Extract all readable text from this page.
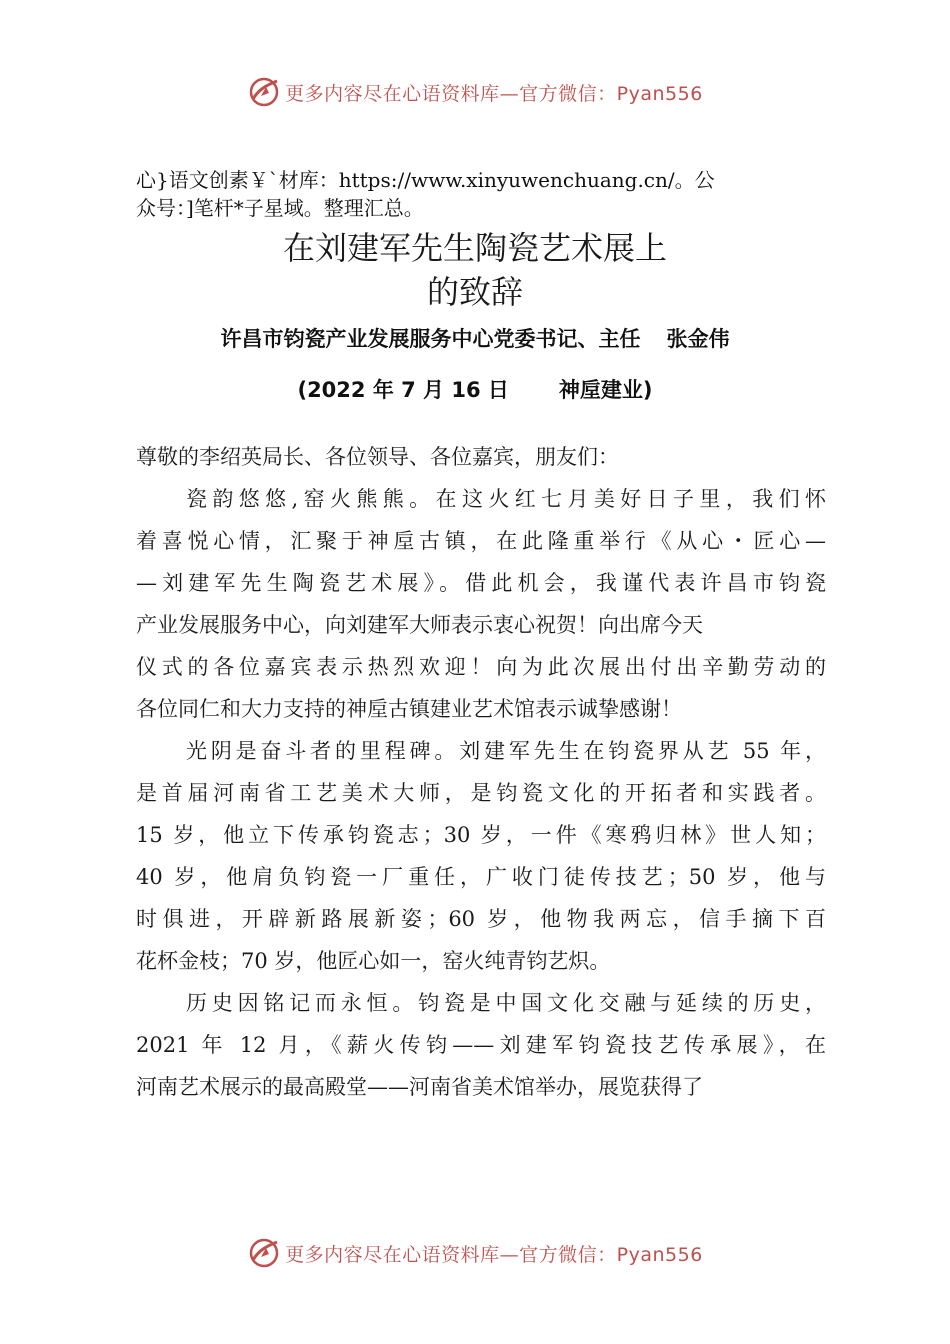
更多内容尽在心语资料库—官方微信：Pyan556
心}语文创素￥`材库：https://www.xinyuwenchuang.cn/。公
众号：]笔杆*子星域。整理汇总。
在刘建军先生陶瓷艺术展上
的致辞
许昌市钧瓷产业发展服务中心党委书记、主任 张金伟
(2022 年 7 月 16 日 神垕建业)
尊敬的李绍英局长、各位领导、各位嘉宾，朋友们：
瓷韵悠悠,窑火熊熊。在这火红七月美好日子里，我们怀
着喜悦心情，汇聚于神垕古镇，在此隆重举行《从心・匠心—
—刘建军先生陶瓷艺术展》。借此机会，我谨代表许昌市钧瓷
产业发展服务中心，向刘建军大师表示衷心祝贺！向出席今天
仪式的各位嘉宾表示热烈欢迎！向为此次展出付出辛勤劳动的
各位同仁和大力支持的神垕古镇建业艺术馆表示诚挚感谢！
光阴是奋斗者的里程碑。刘建军先生在钧瓷界从艺 55 年，
是首届河南省工艺美术大师，是钧瓷文化的开拓者和实践者。
15 岁，他立下传承钧瓷志；30 岁，一件《寒鸦归林》世人知；
40 岁，他肩负钧瓷一厂重任，广收门徒传技艺；50 岁，他与
时俱进，开辟新路展新姿；60 岁，他物我两忘，信手摘下百
花杯金枝；70 岁，他匠心如一，窑火纯青钧艺炽。
历史因铭记而永恒。钧瓷是中国文化交融与延续的历史，
2021 年 12 月，《薪火传钧——刘建军钧瓷技艺传承展》，在
河南艺术展示的最高殿堂——河南省美术馆举办，展览获得了
更多内容尽在心语资料库—官方微信：Pyan556
